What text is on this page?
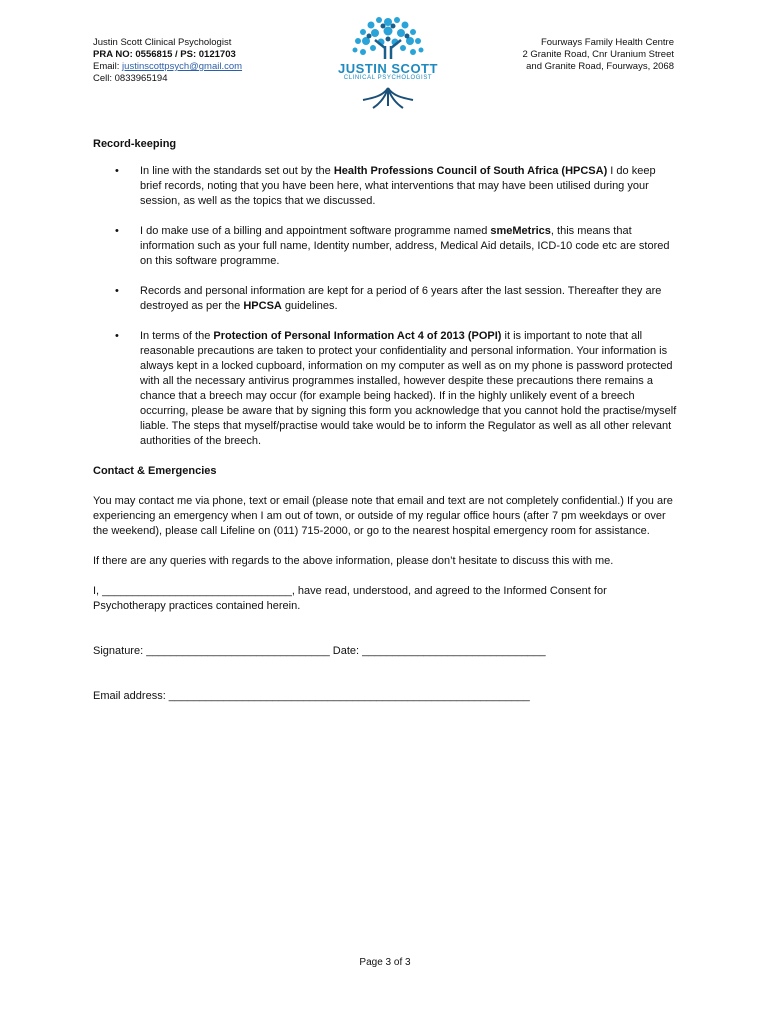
Justin Scott Clinical Psychologist
PRA NO: 0556815 / PS: 0121703
Email: justinscottpsych@gmail.com
Cell: 0833965194
JUSTIN SCOTT
CLINICAL PSYCHOLOGIST
Fourways Family Health Centre
2 Granite Road, Cnr Uranium Street
and Granite Road, Fourways, 2068

Record-keeping

• In line with the standards set out by the Health Professions Council of South Africa (HPCSA) I do keep brief records, noting that you have been here, what interventions that may have been utilised during your session, as well as the topics that we discussed.
• I do make use of a billing and appointment software programme named smeMetrics, this means that information such as your full name, Identity number, address, Medical Aid details, ICD-10 code etc are stored on this software programme.
• Records and personal information are kept for a period of 6 years after the last session. Thereafter they are destroyed as per the HPCSA guidelines.
• In terms of the Protection of Personal Information Act 4 of 2013 (POPI) it is important to note that all reasonable precautions are taken to protect your confidentiality and personal information. Your information is always kept in a locked cupboard, information on my computer as well as on my phone is password protected with all the necessary antivirus programmes installed, however despite these precautions there remains a chance that a breech may occur (for example being hacked). If in the highly unlikely event of a breech occurring, please be aware that by signing this form you acknowledge that you cannot hold the practise/myself liable. The steps that myself/practise would take would be to inform the Regulator as well as all other relevant authorities of the breech.

Contact & Emergencies

You may contact me via phone, text or email (please note that email and text are not completely confidential.) If you are experiencing an emergency when I am out of town, or outside of my regular office hours (after 7 pm weekdays or over the weekend), please call Lifeline on (011) 715-2000, or go to the nearest hospital emergency room for assistance.

If there are any queries with regards to the above information, please don’t hesitate to discuss this with me.

I, _______________________________, have read, understood, and agreed to the Informed Consent for Psychotherapy practices contained herein.

Signature: ______________________________ Date: ______________________________

Email address: ___________________________________________________________

Page 3 of 3
